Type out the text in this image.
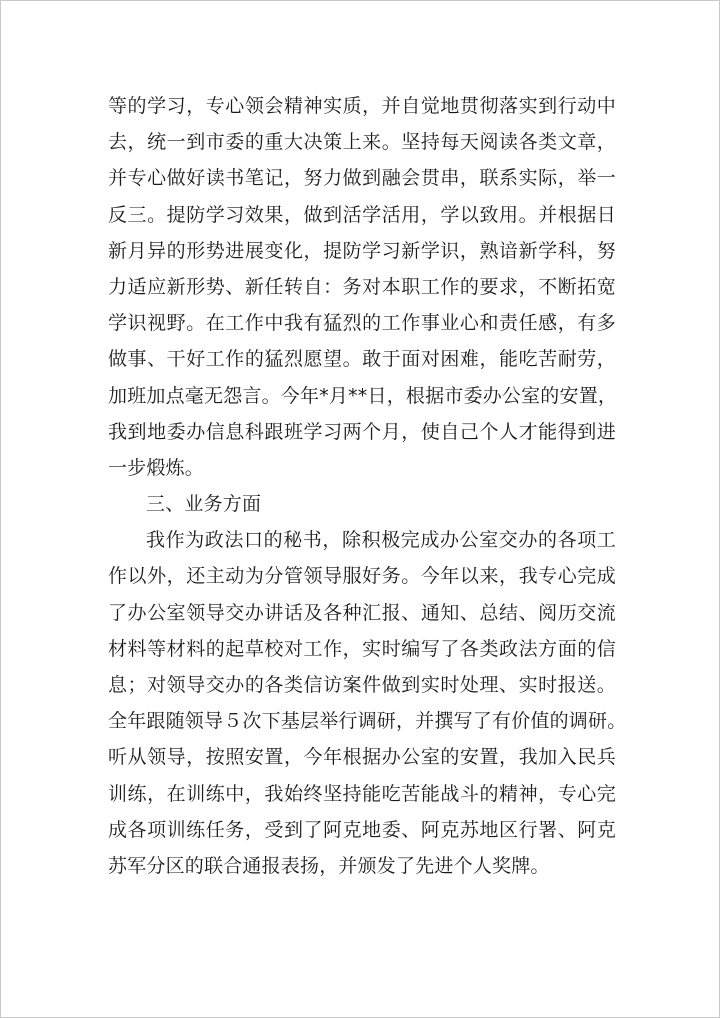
等的学习，专心领会精神实质，并自觉地贯彻落实到行动中
去，统一到市委的重大决策上来。坚持每天阅读各类文章，
并专心做好读书笔记，努力做到融会贯串，联系实际，举一
反三。提防学习效果，做到活学活用，学以致用。并根据日
新月异的形势进展变化，提防学习新学识，熟谙新学科，努
力适应新形势、新任转自：务对本职工作的要求，不断拓宽
学识视野。在工作中我有猛烈的工作事业心和责任感，有多
做事、干好工作的猛烈愿望。敢于面对困难，能吃苦耐劳，
加班加点毫无怨言。今年*月**日，根据市委办公室的安置，
我到地委办信息科跟班学习两个月，使自己个人才能得到进
一步煅炼。
三、业务方面
我作为政法口的秘书，除积极完成办公室交办的各项工
作以外，还主动为分管领导服好务。今年以来，我专心完成
了办公室领导交办讲话及各种汇报、通知、总结、阅历交流
材料等材料的起草校对工作，实时编写了各类政法方面的信
息；对领导交办的各类信访案件做到实时处理、实时报送。
全年跟随领导５次下基层举行调研，并撰写了有价值的调研。
听从领导，按照安置，今年根据办公室的安置，我加入民兵
训练，在训练中，我始终坚持能吃苦能战斗的精神，专心完
成各项训练任务，受到了阿克地委、阿克苏地区行署、阿克
苏军分区的联合通报表扬，并颁发了先进个人奖牌。
